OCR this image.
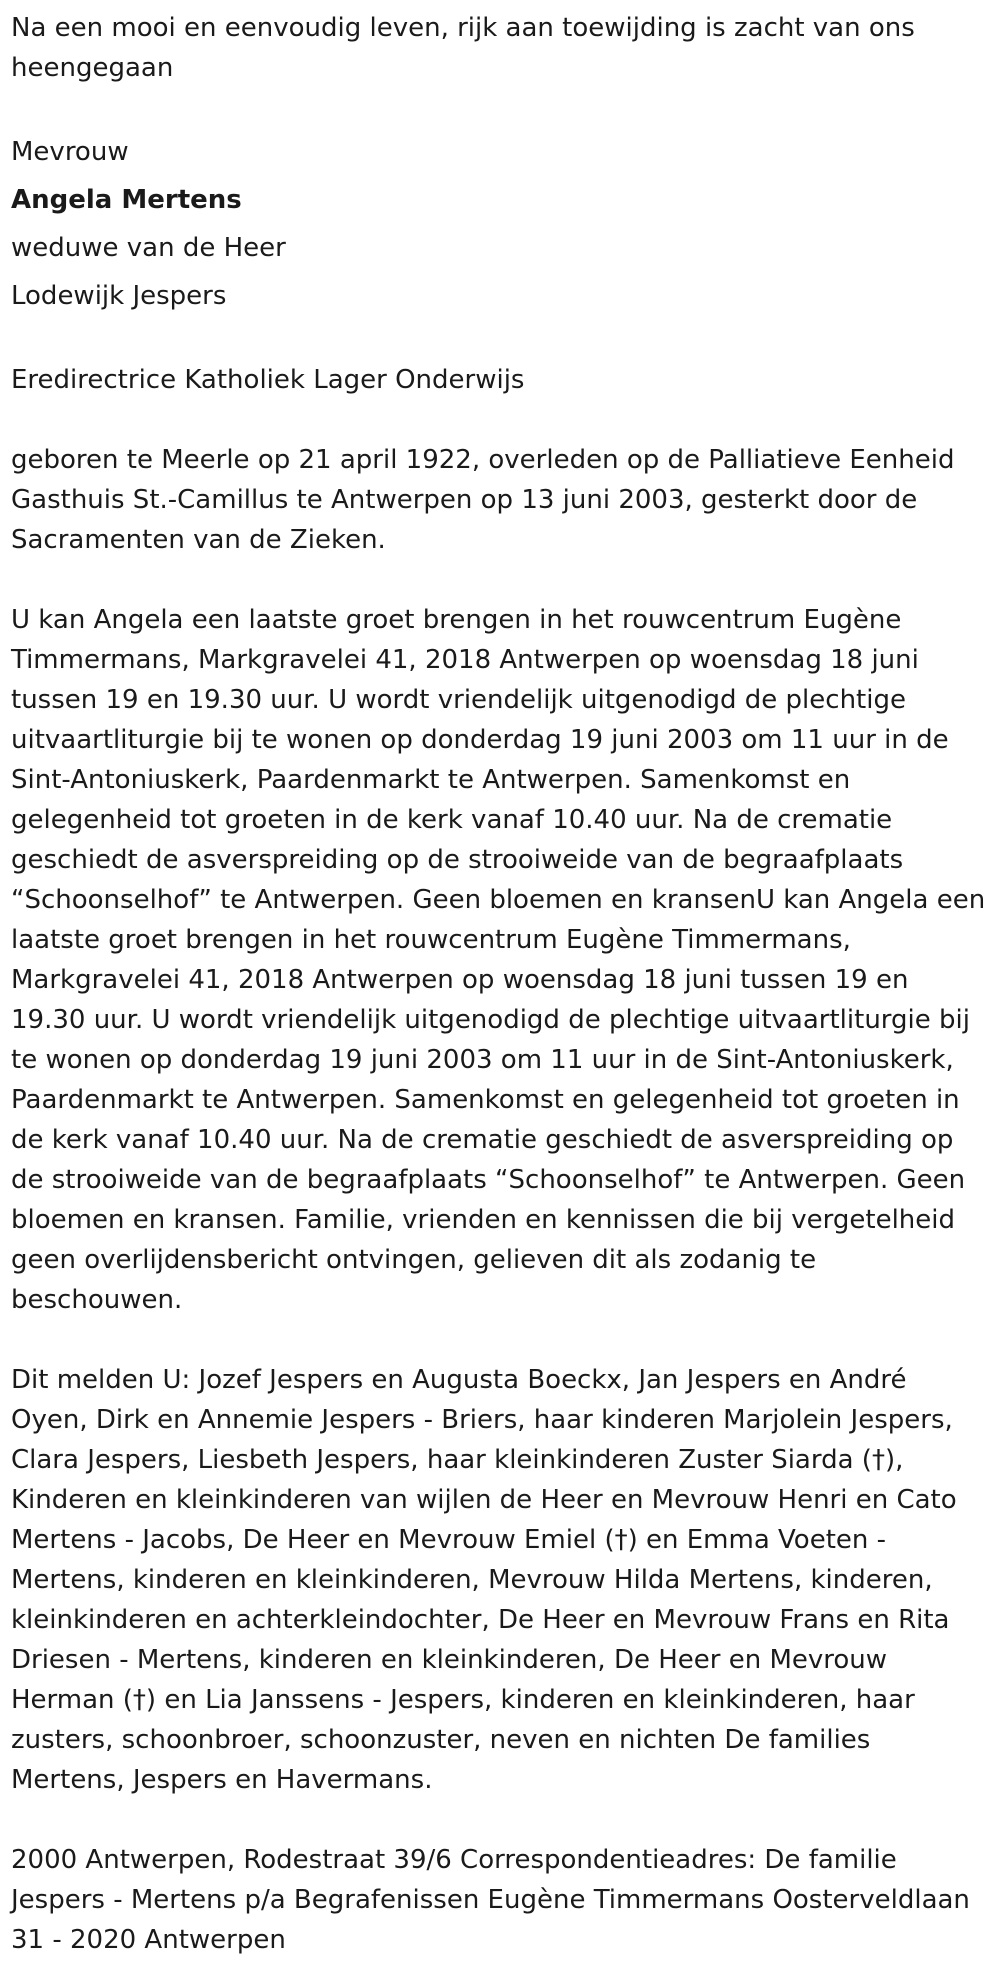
Na een mooi en eenvoudig leven, rijk aan toewijding is zacht van ons heengegaan

Mevrouw

Angela Mertens

weduwe van de Heer

Lodewijk Jespers

Eredirectrice Katholiek Lager Onderwijs

geboren te Meerle op 21 april 1922, overleden op de Palliatieve Eenheid Gasthuis St.-Camillus te Antwerpen op 13 juni 2003, gesterkt door de Sacramenten van de Zieken.

U kan Angela een laatste groet brengen in het rouwcentrum Eugène Timmermans, Markgravelei 41, 2018 Antwerpen op woensdag 18 juni tussen 19 en 19.30 uur. U wordt vriendelijk uitgenodigd de plechtige uitvaartliturgie bij te wonen op donderdag 19 juni 2003 om 11 uur in de Sint-Antoniuskerk, Paardenmarkt te Antwerpen. Samenkomst en gelegenheid tot groeten in de kerk vanaf 10.40 uur. Na de crematie geschiedt de asverspreiding op de strooiweide van de begraafplaats “Schoonselhof” te Antwerpen. Geen bloemen en kransenU kan Angela een laatste groet brengen in het rouwcentrum Eugène Timmermans, Markgravelei 41, 2018 Antwerpen op woensdag 18 juni tussen 19 en 19.30 uur. U wordt vriendelijk uitgenodigd de plechtige uitvaartliturgie bij te wonen op donderdag 19 juni 2003 om 11 uur in de Sint-Antoniuskerk, Paardenmarkt te Antwerpen. Samenkomst en gelegenheid tot groeten in de kerk vanaf 10.40 uur. Na de crematie geschiedt de asverspreiding op de strooiweide van de begraafplaats “Schoonselhof” te Antwerpen. Geen bloemen en kransen. Familie, vrienden en kennissen die bij vergetelheid geen overlijdensbericht ontvingen, gelieven dit als zodanig te beschouwen.

Dit melden U: Jozef Jespers en Augusta Boeckx, Jan Jespers en André Oyen, Dirk en Annemie Jespers - Briers, haar kinderen Marjolein Jespers, Clara Jespers, Liesbeth Jespers, haar kleinkinderen Zuster Siarda (†), Kinderen en kleinkinderen van wijlen de Heer en Mevrouw Henri en Cato Mertens - Jacobs, De Heer en Mevrouw Emiel (†) en Emma Voeten - Mertens, kinderen en kleinkinderen, Mevrouw Hilda Mertens, kinderen, kleinkinderen en achterkleindochter, De Heer en Mevrouw Frans en Rita Driesen - Mertens, kinderen en kleinkinderen, De Heer en Mevrouw Herman (†) en Lia Janssens - Jespers, kinderen en kleinkinderen, haar zusters, schoonbroer, schoonzuster, neven en nichten De families Mertens, Jespers en Havermans.

2000 Antwerpen, Rodestraat 39/6 Correspondentieadres: De familie Jespers - Mertens p/a Begrafenissen Eugène Timmermans Oosterveldlaan 31 - 2020 Antwerpen
